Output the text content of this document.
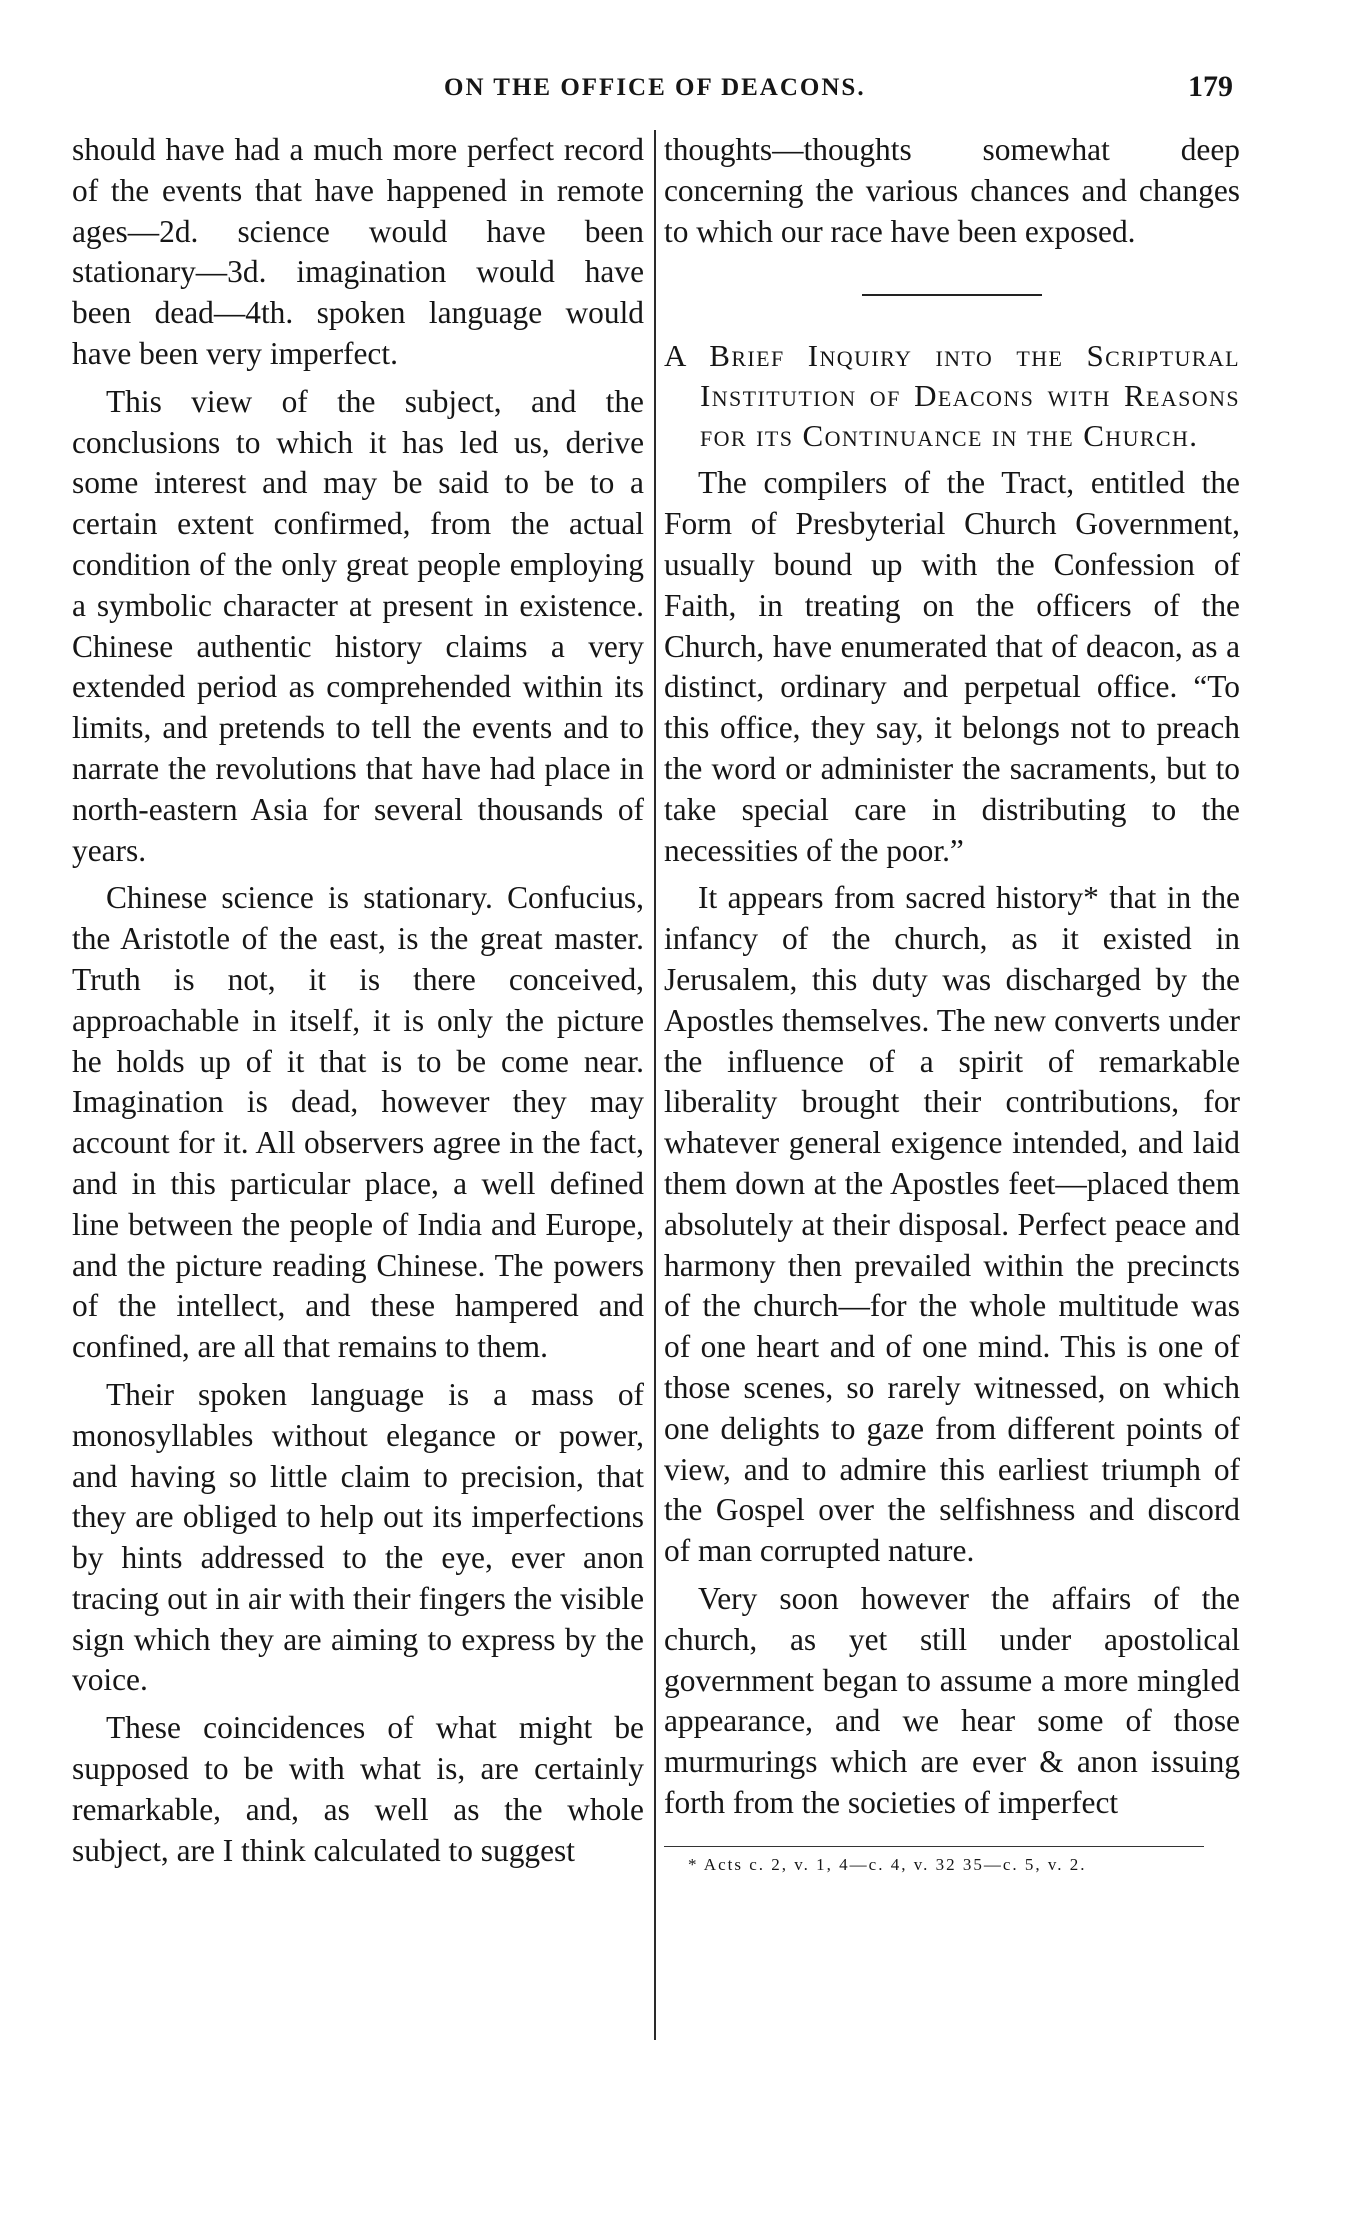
ON THE OFFICE OF DEACONS.	179

should have had a much more perfect record of the events that have happened in remote ages—2d. science would have been stationary—3d. imagination would have been dead—4th. spoken language would have been very imperfect.

This view of the subject, and the conclusions to which it has led us, derive some interest and may be said to be to a certain extent confirmed, from the actual condition of the only great people employing a symbolic character at present in existence. Chinese authentic history claims a very extended period as comprehended within its limits, and pretends to tell the events and to narrate the revolutions that have had place in north-eastern Asia for several thousands of years.

Chinese science is stationary. Confucius, the Aristotle of the east, is the great master. Truth is not, it is there conceived, approachable in itself, it is only the picture he holds up of it that is to be come near. Imagination is dead, however they may account for it. All observers agree in the fact, and in this particular place, a well defined line between the people of India and Europe, and the picture reading Chinese. The powers of the intellect, and these hampered and confined, are all that remains to them.

Their spoken language is a mass of monosyllables without elegance or power, and having so little claim to precision, that they are obliged to help out its imperfections by hints addressed to the eye, ever anon tracing out in air with their fingers the visible sign which they are aiming to express by the voice.

These coincidences of what might be supposed to be with what is, are certainly remarkable, and, as well as the whole subject, are I think calculated to suggest

thoughts—thoughts somewhat deep concerning the various chances and changes to which our race have been exposed.

A Brief Inquiry into the Scriptural Institution of Deacons with Reasons for its Continuance in the Church.

The compilers of the Tract, entitled the Form of Presbyterial Church Government, usually bound up with the Confession of Faith, in treating on the officers of the Church, have enumerated that of deacon, as a distinct, ordinary and perpetual office. “To this office, they say, it belongs not to preach the word or administer the sacraments, but to take special care in distributing to the necessities of the poor.”

It appears from sacred history* that in the infancy of the church, as it existed in Jerusalem, this duty was discharged by the Apostles themselves. The new converts under the influence of a spirit of remarkable liberality brought their contributions, for whatever general exigence intended, and laid them down at the Apostles feet—placed them absolutely at their disposal. Perfect peace and harmony then prevailed within the precincts of the church—for the whole multitude was of one heart and of one mind. This is one of those scenes, so rarely witnessed, on which one delights to gaze from different points of view, and to admire this earliest triumph of the Gospel over the selfishness and discord of man corrupted nature.

Very soon however the affairs of the church, as yet still under apostolical government began to assume a more mingled appearance, and we hear some of those murmurings which are ever & anon issuing forth from the societies of imperfect

* Acts c. 2, v. 1, 4—c. 4, v. 32 35—c. 5, v. 2.
